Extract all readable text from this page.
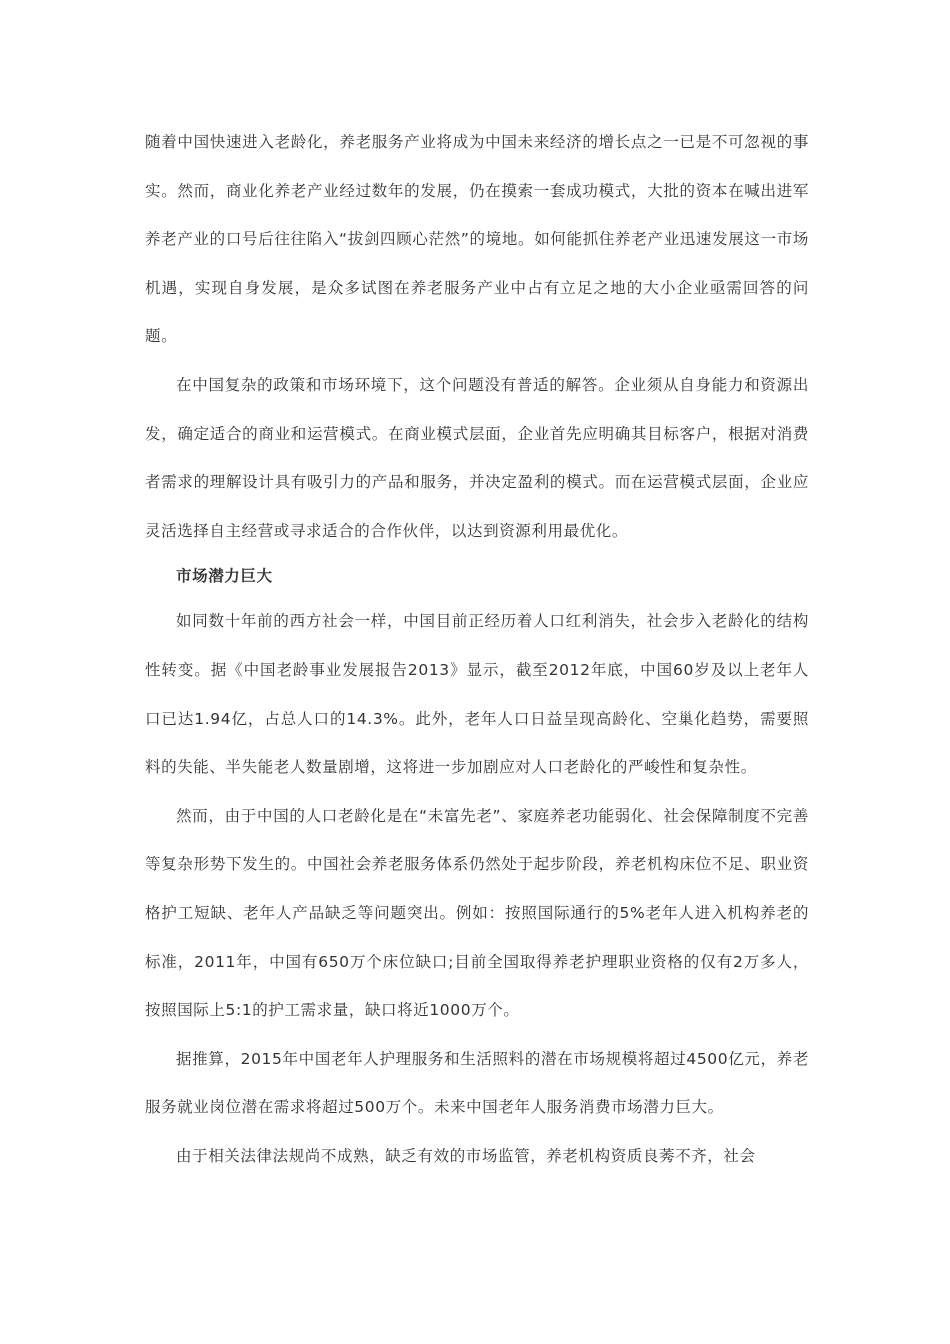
随着中国快速进入老龄化，养老服务产业将成为中国未来经济的增长点之一已是不可忽视的事实。然而，商业化养老产业经过数年的发展，仍在摸索一套成功模式，大批的资本在喊出进军养老产业的口号后往往陷入“拔剑四顾心茫然”的境地。如何能抓住养老产业迅速发展这一市场机遇，实现自身发展，是众多试图在养老服务产业中占有立足之地的大小企业亟需回答的问题。

在中国复杂的政策和市场环境下，这个问题没有普适的解答。企业须从自身能力和资源出发，确定适合的商业和运营模式。在商业模式层面，企业首先应明确其目标客户，根据对消费者需求的理解设计具有吸引力的产品和服务，并决定盈利的模式。而在运营模式层面，企业应灵活选择自主经营或寻求适合的合作伙伴，以达到资源利用最优化。

市场潜力巨大

如同数十年前的西方社会一样，中国目前正经历着人口红利消失，社会步入老龄化的结构性转变。据《中国老龄事业发展报告2013》显示，截至2012年底，中国60岁及以上老年人口已达1.94亿，占总人口的14.3%。此外，老年人口日益呈现高龄化、空巢化趋势，需要照料的失能、半失能老人数量剧增，这将进一步加剧应对人口老龄化的严峻性和复杂性。

然而，由于中国的人口老龄化是在“未富先老”、家庭养老功能弱化、社会保障制度不完善等复杂形势下发生的。中国社会养老服务体系仍然处于起步阶段，养老机构床位不足、职业资格护工短缺、老年人产品缺乏等问题突出。例如：按照国际通行的5%老年人进入机构养老的标准，2011年，中国有650万个床位缺口;目前全国取得养老护理职业资格的仅有2万多人，按照国际上5:1的护工需求量，缺口将近1000万个。

据推算，2015年中国老年人护理服务和生活照料的潜在市场规模将超过4500亿元，养老服务就业岗位潜在需求将超过500万个。未来中国老年人服务消费市场潜力巨大。

由于相关法律法规尚不成熟，缺乏有效的市场监管，养老机构资质良莠不齐，社会
